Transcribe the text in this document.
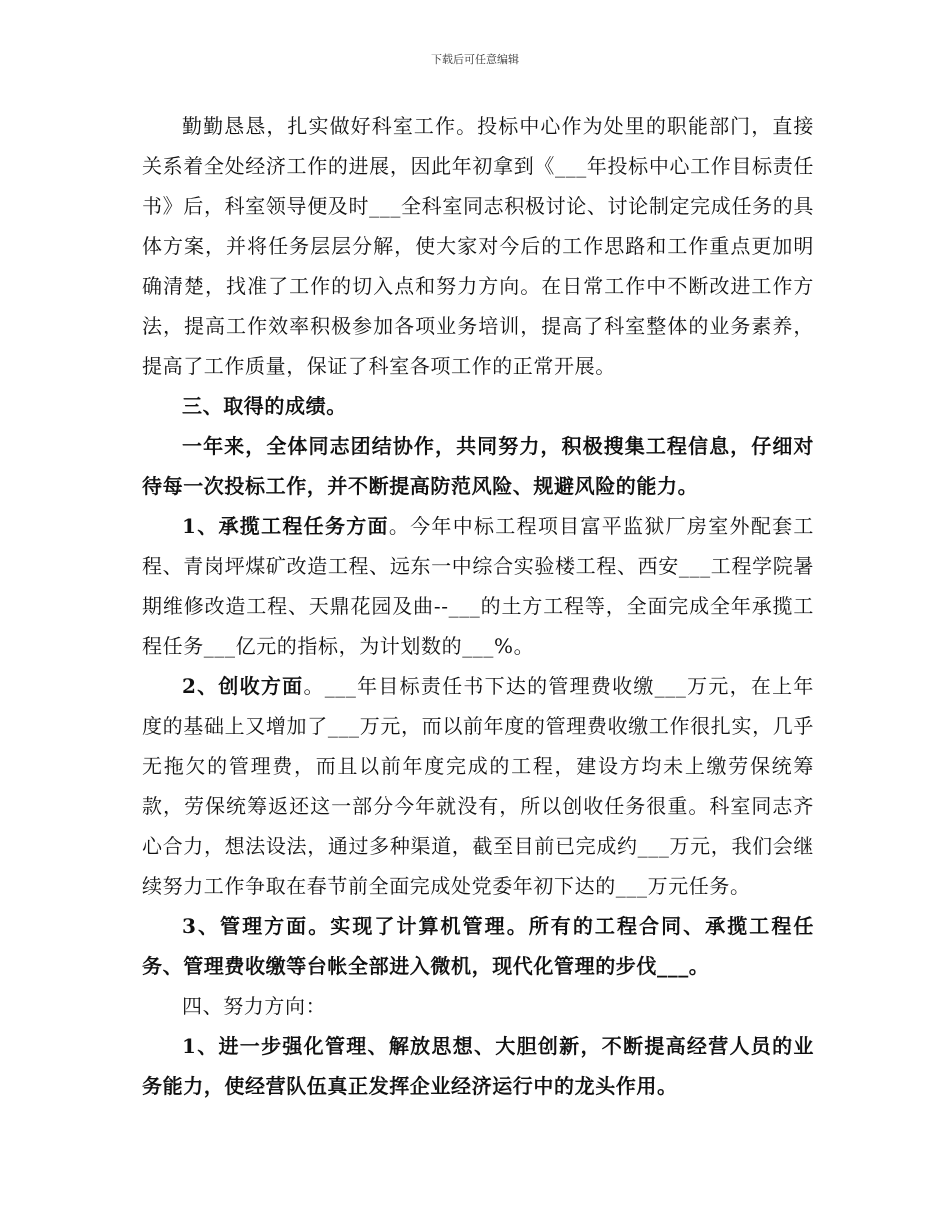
下载后可任意编辑

勤勤恳恳，扎实做好科室工作。投标中心作为处里的职能部门，直接关系着全处经济工作的进展，因此年初拿到《___年投标中心工作目标责任书》后，科室领导便及时___全科室同志积极讨论、讨论制定完成任务的具体方案，并将任务层层分解，使大家对今后的工作思路和工作重点更加明确清楚，找准了工作的切入点和努力方向。在日常工作中不断改进工作方法，提高工作效率积极参加各项业务培训，提高了科室整体的业务素养，提高了工作质量，保证了科室各项工作的正常开展。

三、取得的成绩。

一年来，全体同志团结协作，共同努力，积极搜集工程信息，仔细对待每一次投标工作，并不断提高防范风险、规避风险的能力。

1、承揽工程任务方面。今年中标工程项目富平监狱厂房室外配套工程、青岗坪煤矿改造工程、远东一中综合实验楼工程、西安___工程学院暑期维修改造工程、天鼎花园及曲--___的土方工程等，全面完成全年承揽工程任务___亿元的指标，为计划数的___%。

2、创收方面。___年目标责任书下达的管理费收缴___万元，在上年度的基础上又增加了___万元，而以前年度的管理费收缴工作很扎实，几乎无拖欠的管理费，而且以前年度完成的工程，建设方均未上缴劳保统筹款，劳保统筹返还这一部分今年就没有，所以创收任务很重。科室同志齐心合力，想法设法，通过多种渠道，截至目前已完成约___万元，我们会继续努力工作争取在春节前全面完成处党委年初下达的___万元任务。

3、管理方面。实现了计算机管理。所有的工程合同、承揽工程任务、管理费收缴等台帐全部进入微机，现代化管理的步伐___。

四、努力方向：

1、进一步强化管理、解放思想、大胆创新，不断提高经营人员的业务能力，使经营队伍真正发挥企业经济运行中的龙头作用。
